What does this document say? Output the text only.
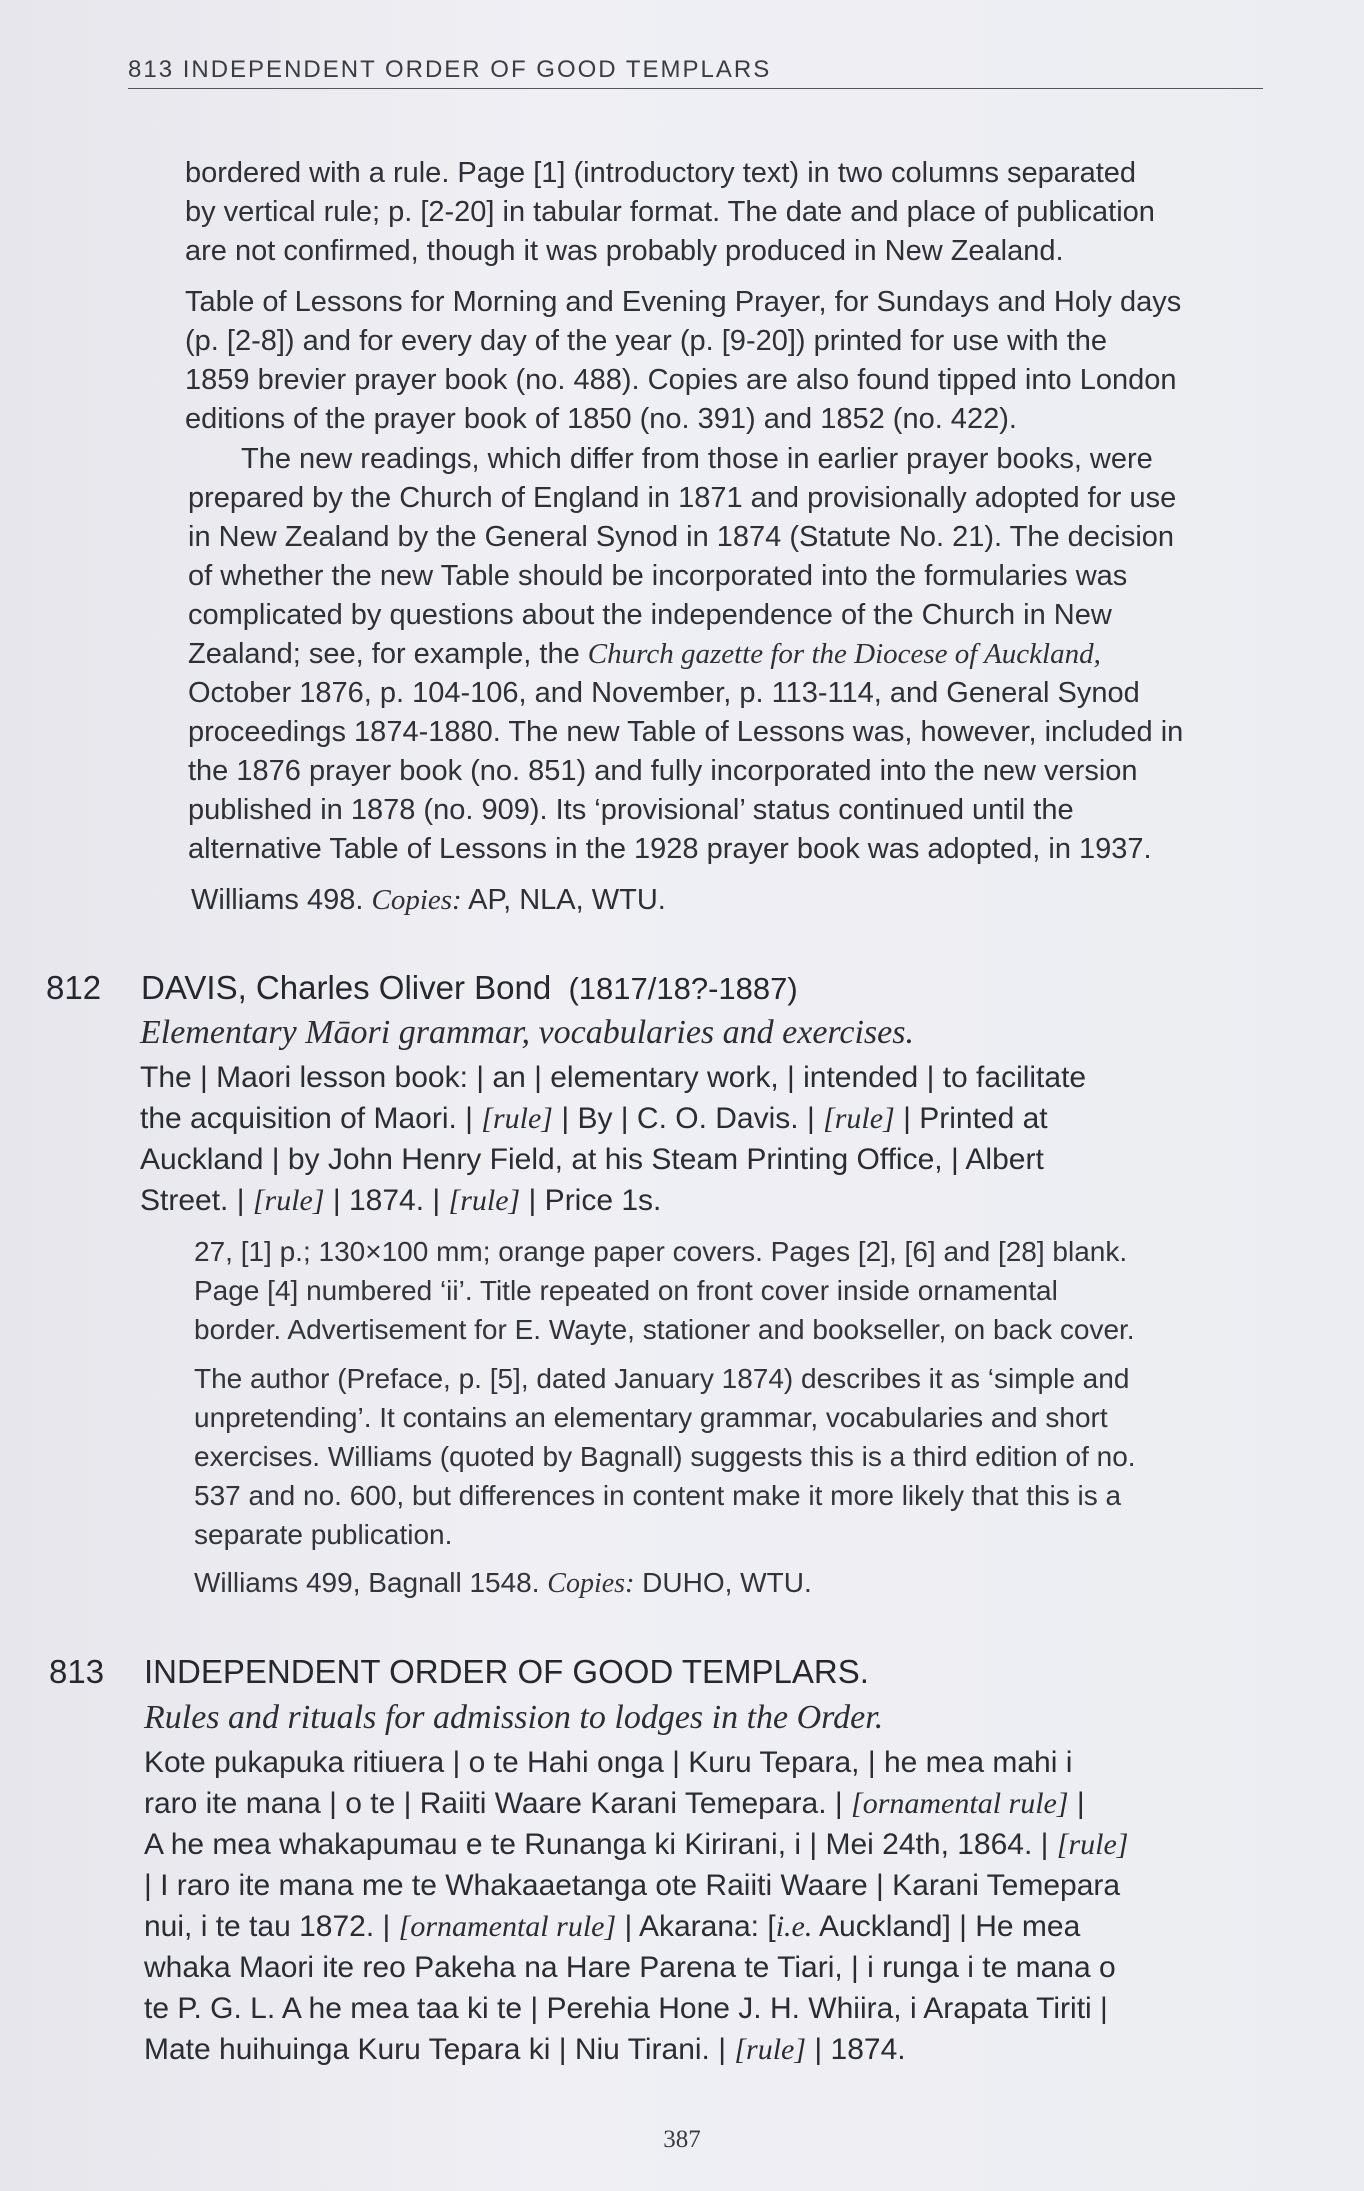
813 INDEPENDENT ORDER OF GOOD TEMPLARS
bordered with a rule. Page [1] (introductory text) in two columns separated
by vertical rule; p. [2-20] in tabular format. The date and place of publication
are not confirmed, though it was probably produced in New Zealand.
Table of Lessons for Morning and Evening Prayer, for Sundays and Holy days
(p. [2-8]) and for every day of the year (p. [9-20]) printed for use with the
1859 brevier prayer book (no. 488). Copies are also found tipped into London
editions of the prayer book of 1850 (no. 391) and 1852 (no. 422).
The new readings, which differ from those in earlier prayer books, were
prepared by the Church of England in 1871 and provisionally adopted for use
in New Zealand by the General Synod in 1874 (Statute No. 21). The decision
of whether the new Table should be incorporated into the formularies was
complicated by questions about the independence of the Church in New
Zealand; see, for example, the Church gazette for the Diocese of Auckland,
October 1876, p. 104-106, and November, p. 113-114, and General Synod
proceedings 1874-1880. The new Table of Lessons was, however, included in
the 1876 prayer book (no. 851) and fully incorporated into the new version
published in 1878 (no. 909). Its ‘provisional’ status continued until the
alternative Table of Lessons in the 1928 prayer book was adopted, in 1937.
Williams 498. Copies: AP, NLA, WTU.
812 DAVIS, Charles Oliver Bond (1817/18?-1887)
Elementary Māori grammar, vocabularies and exercises.
The | Maori lesson book: | an | elementary work, | intended | to facilitate
the acquisition of Maori. | [rule] | By | C. O. Davis. | [rule] | Printed at
Auckland | by John Henry Field, at his Steam Printing Office, | Albert
Street. | [rule] | 1874. | [rule] | Price 1s.
27, [1] p.; 130×100 mm; orange paper covers. Pages [2], [6] and [28] blank.
Page [4] numbered ‘ii’. Title repeated on front cover inside ornamental
border. Advertisement for E. Wayte, stationer and bookseller, on back cover.
The author (Preface, p. [5], dated January 1874) describes it as ‘simple and
unpretending’. It contains an elementary grammar, vocabularies and short
exercises. Williams (quoted by Bagnall) suggests this is a third edition of no.
537 and no. 600, but differences in content make it more likely that this is a
separate publication.
Williams 499, Bagnall 1548. Copies: DUHO, WTU.
813 INDEPENDENT ORDER OF GOOD TEMPLARS.
Rules and rituals for admission to lodges in the Order.
Kote pukapuka ritiuera | o te Hahi onga | Kuru Tepara, | he mea mahi i
raro ite mana | o te | Raiiti Waare Karani Temepara. | [ornamental rule] |
A he mea whakapumau e te Runanga ki Kirirani, i | Mei 24th, 1864. | [rule]
| I raro ite mana me te Whakaaetanga ote Raiiti Waare | Karani Temepara
nui, i te tau 1872. | [ornamental rule] | Akarana: [i.e. Auckland] | He mea
whaka Maori ite reo Pakeha na Hare Parena te Tiari, | i runga i te mana o
te P. G. L. A he mea taa ki te | Perehia Hone J. H. Whiira, i Arapata Tiriti |
Mate huihuinga Kuru Tepara ki | Niu Tirani. | [rule] | 1874.
387
